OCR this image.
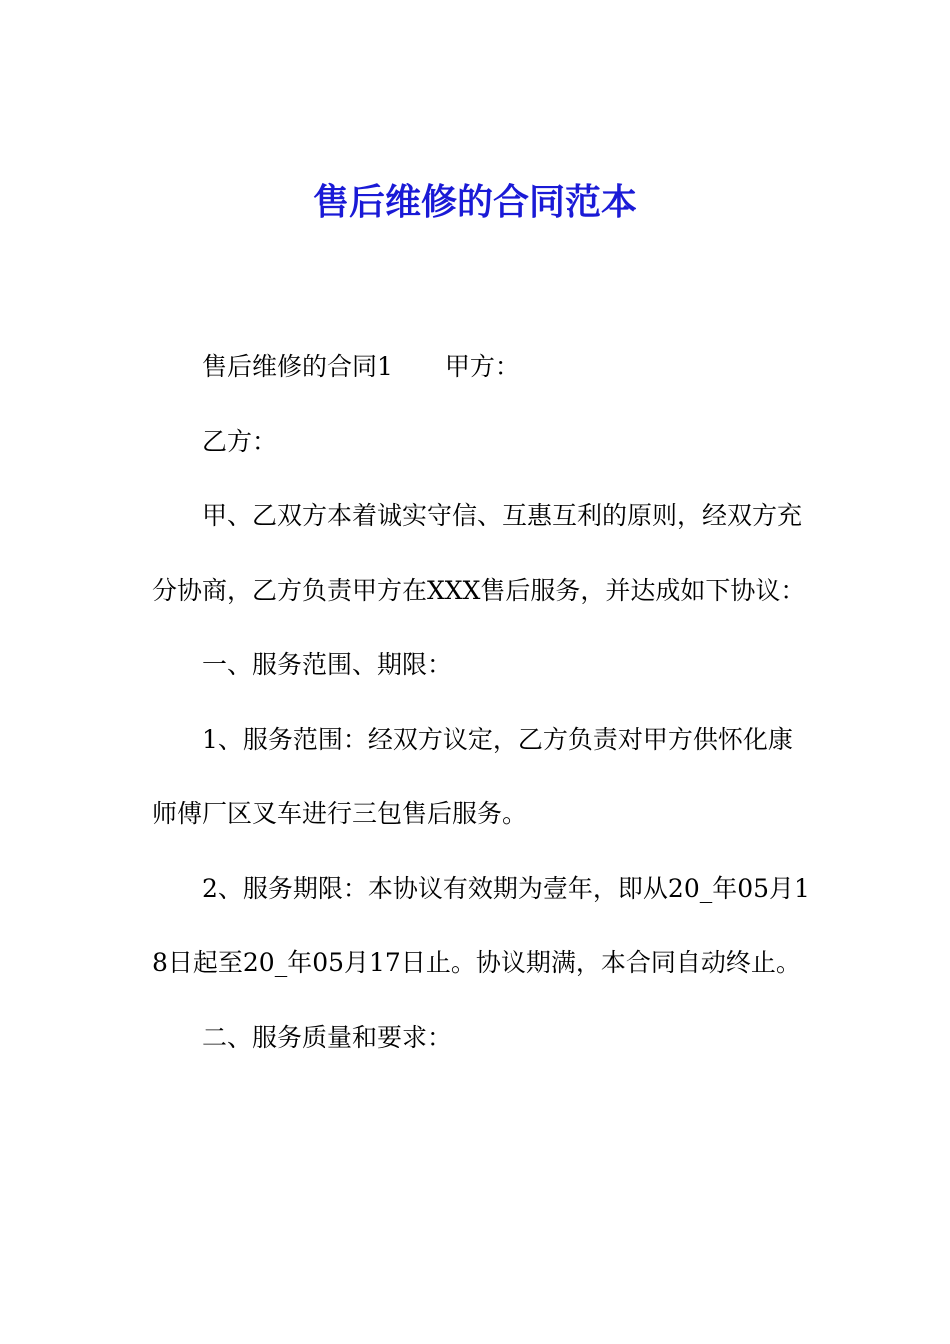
售后维修的合同范本

售后维修的合同1 甲方：

乙方：

甲、乙双方本着诚实守信、互惠互利的原则，经双方充分协商，乙方负责甲方在XXX售后服务，并达成如下协议：

一、服务范围、期限：

1、服务范围：经双方议定，乙方负责对甲方供怀化康师傅厂区叉车进行三包售后服务。

2、服务期限：本协议有效期为壹年，即从20_年05月18日起至20_年05月17日止。协议期满，本合同自动终止。

二、服务质量和要求：
